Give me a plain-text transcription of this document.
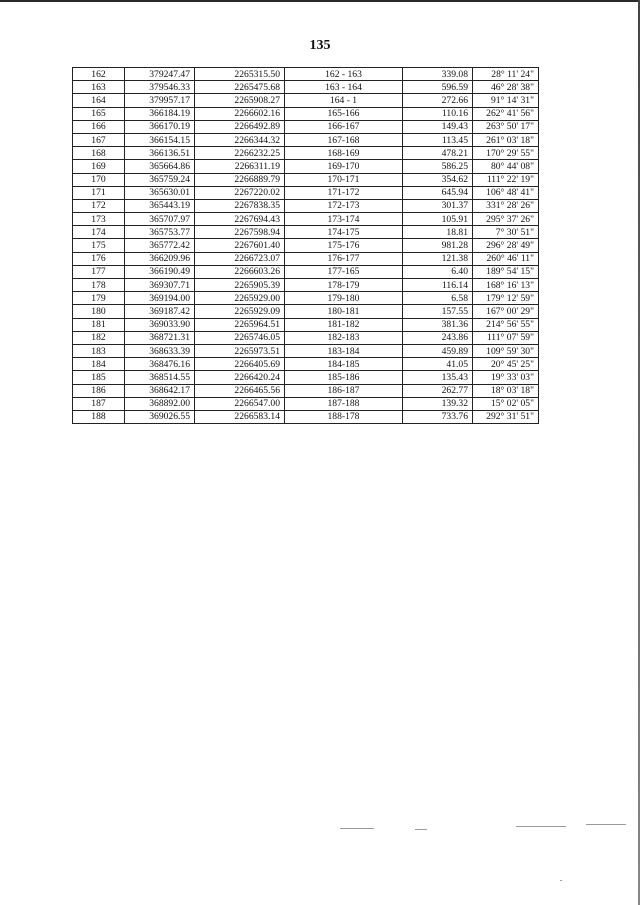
135
162	379247.47	2265315.50	162 - 163	339.08	28° 11' 24"
163	379546.33	2265475.68	163 - 164	596.59	46° 28' 38"
164	379957.17	2265908.27	164 - 1	272.66	91° 14' 31"
165	366184.19	2266602.16	165-166	110.16	262° 41' 56"
166	366170.19	2266492.89	166-167	149.43	263° 50' 17"
167	366154.15	2266344.32	167-168	113.45	261° 03' 18"
168	366136.51	2266232.25	168-169	478.21	170° 29' 55"
169	365664.86	2266311.19	169-170	586.25	80° 44' 08"
170	365759.24	2266889.79	170-171	354.62	111° 22' 19"
171	365630.01	2267220.02	171-172	645.94	106° 48' 41"
172	365443.19	2267838.35	172-173	301.37	331° 28' 26"
173	365707.97	2267694.43	173-174	105.91	295° 37' 26"
174	365753.77	2267598.94	174-175	18.81	7° 30' 51"
175	365772.42	2267601.40	175-176	981.28	296° 28' 49"
176	366209.96	2266723.07	176-177	121.38	260° 46' 11"
177	366190.49	2266603.26	177-165	6.40	189° 54' 15"
178	369307.71	2265905.39	178-179	116.14	168° 16' 13"
179	369194.00	2265929.00	179-180	6.58	179° 12' 59"
180	369187.42	2265929.09	180-181	157.55	167° 00' 29"
181	369033.90	2265964.51	181-182	381.36	214° 56' 55"
182	368721.31	2265746.05	182-183	243.86	111° 07' 59"
183	368633.39	2265973.51	183-184	459.89	109° 59' 30"
184	368476.16	2266405.69	184-185	41.05	20° 45' 25"
185	368514.55	2266420.24	185-186	135.43	19° 33' 03"
186	368642.17	2266465.56	186-187	262.77	18° 03' 18"
187	368892.00	2266547.00	187-188	139.32	15° 02' 05"
188	369026.55	2266583.14	188-178	733.76	292° 31' 51"
